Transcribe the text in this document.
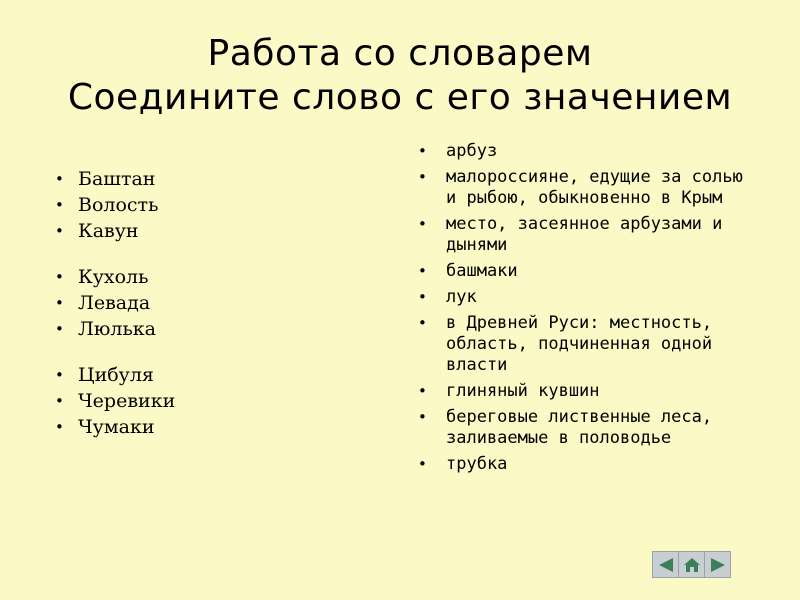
Работа со словарем
Соедините слово с его значением
• Баштан
• Волость
• Кавун
• Кухоль
• Левада
• Люлька
• Цибуля
• Черевики
• Чумаки
• арбуз
• малороссияне, едущие за солью и рыбою, обыкновенно в Крым
• место, засеянное арбузами и дынями
• башмаки
• лук
• в Древней Руси: местность, область, подчиненная одной власти
• глиняный кувшин
• береговые лиственные леса, заливаемые в половодье
• трубка
